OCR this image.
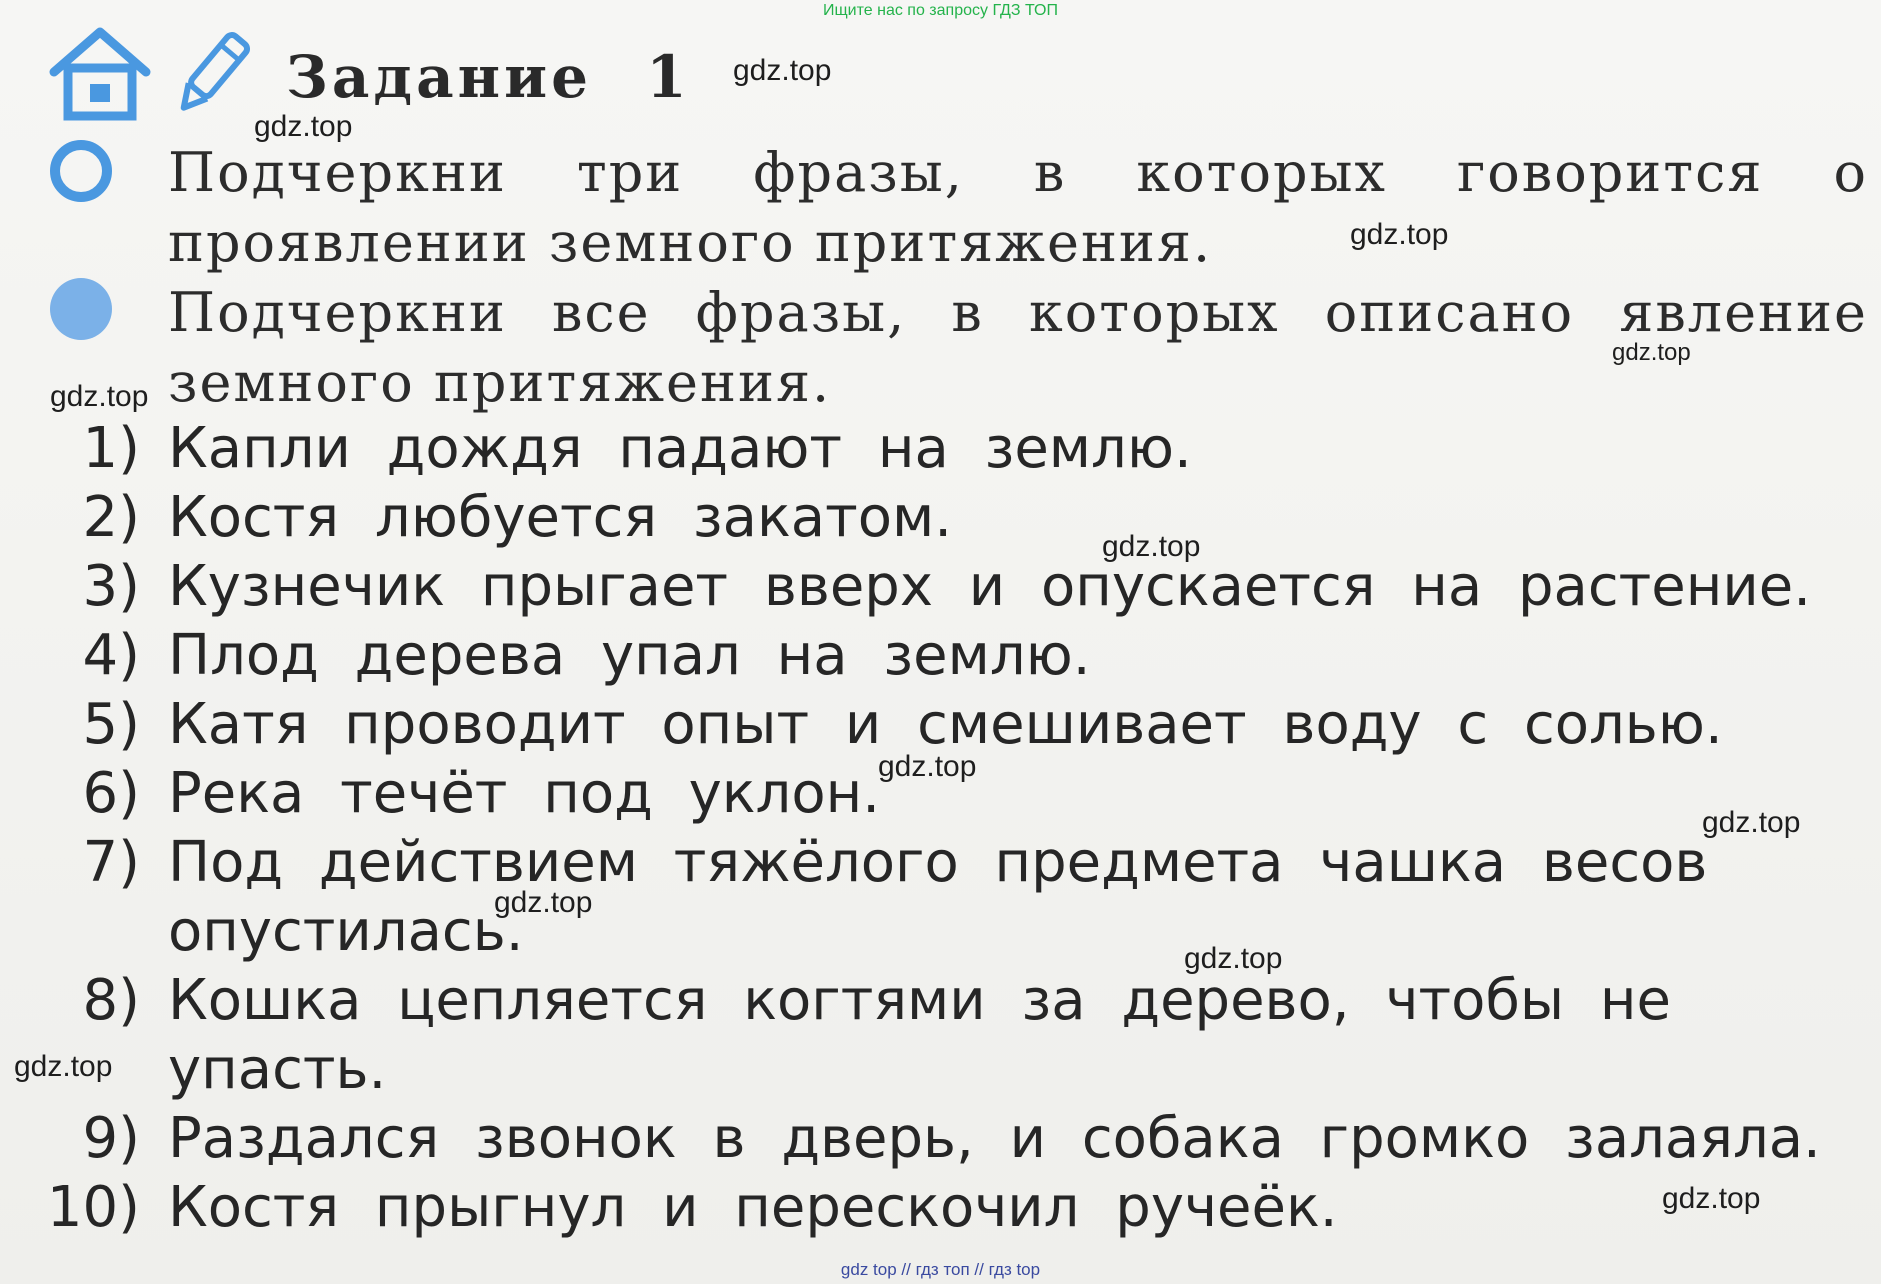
Ищите нас по запросу ГДЗ ТОП
Задание 1
Подчеркни три фразы, в которых говорится о проявлении земного притяжения.
Подчеркни все фразы, в которых описано явление земного притяжения.
1) Капли дождя падают на землю.
2) Костя любуется закатом.
3) Кузнечик прыгает вверх и опускается на растение.
4) Плод дерева упал на землю.
5) Катя проводит опыт и смешивает воду с солью.
6) Река течёт под уклон.
7) Под действием тяжёлого предмета чашка весов опустилась.
8) Кошка цепляется когтями за дерево, чтобы не упасть.
9) Раздался звонок в дверь, и собака громко залаяла.
10) Костя прыгнул и перескочил ручеёк.
gdz.top
gdz.top
gdz.top
gdz.top
gdz.top
gdz.top
gdz.top
gdz.top
gdz.top
gdz.top
gdz.top
gdz.top
gdz top // гдз топ // гдз top
